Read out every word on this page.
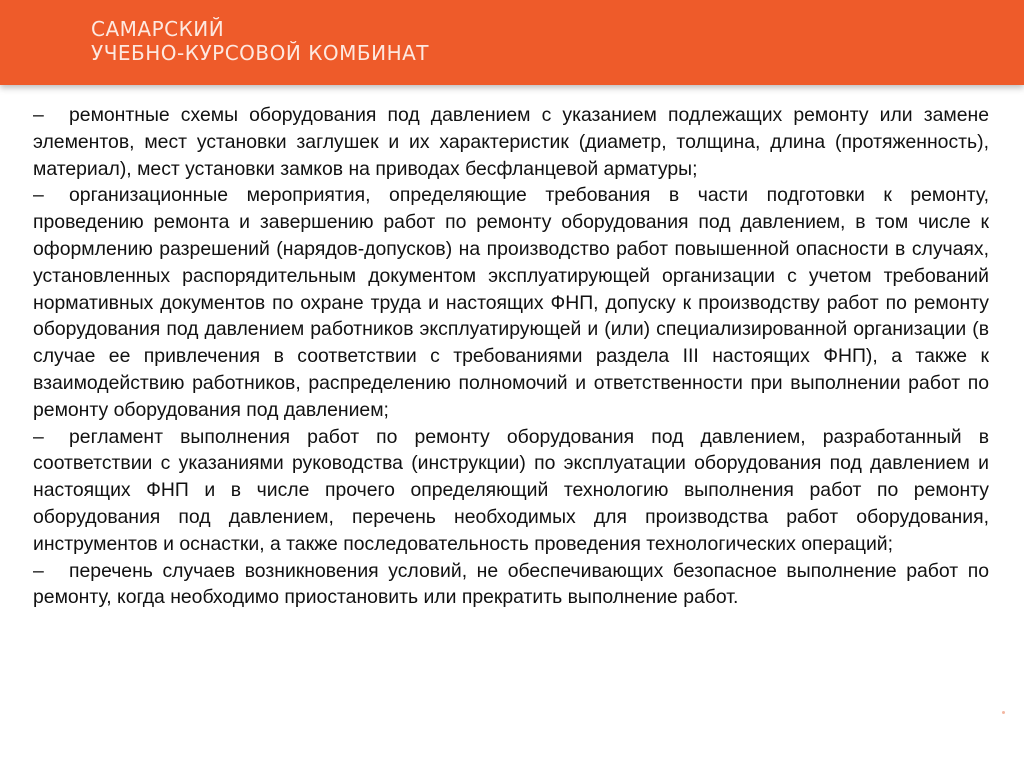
САМАРСКИЙ
УЧЕБНО-КУРСОВОЙ КОМБИНАТ

– ремонтные схемы оборудования под давлением с указанием подлежащих ремонту или замене элементов, мест установки заглушек и их характеристик (диаметр, толщина, длина (протяженность), материал), мест установки замков на приводах бесфланцевой арматуры;

– организационные мероприятия, определяющие требования в части подготовки к ремонту, проведению ремонта и завершению работ по ремонту оборудования под давлением, в том числе к оформлению разрешений (нарядов-допусков) на производство работ повышенной опасности в случаях, установленных распорядительным документом эксплуатирующей организации с учетом требований нормативных документов по охране труда и настоящих ФНП, допуску к производству работ по ремонту оборудования под давлением работников эксплуатирующей и (или) специализированной организации (в случае ее привлечения в соответствии с требованиями раздела III настоящих ФНП), а также к взаимодействию работников, распределению полномочий и ответственности при выполнении работ по ремонту оборудования под давлением;

– регламент выполнения работ по ремонту оборудования под давлением, разработанный в соответствии с указаниями руководства (инструкции) по эксплуатации оборудования под давлением и настоящих ФНП и в числе прочего определяющий технологию выполнения работ по ремонту оборудования под давлением, перечень необходимых для производства работ оборудования, инструментов и оснастки, а также последовательность проведения технологических операций;

– перечень случаев возникновения условий, не обеспечивающих безопасное выполнение работ по ремонту, когда необходимо приостановить или прекратить выполнение работ.
